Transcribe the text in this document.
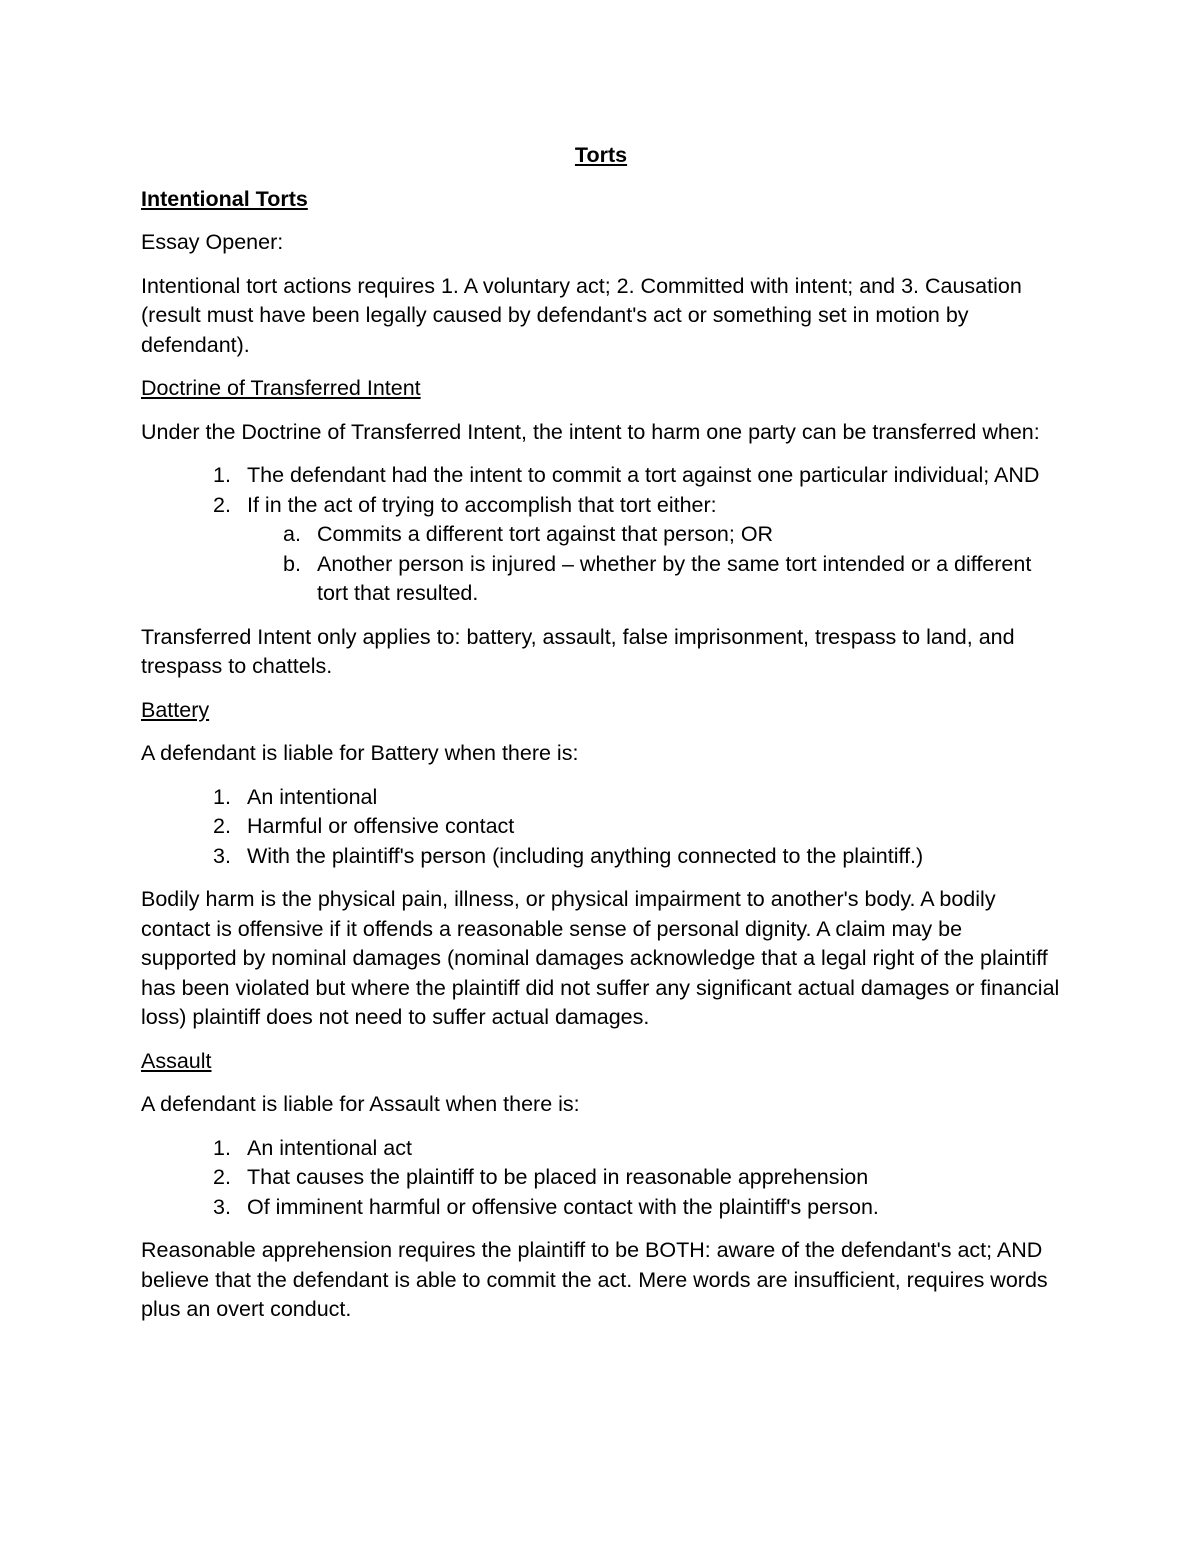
Torts
Intentional Torts

Essay Opener:

Intentional tort actions requires 1. A voluntary act; 2. Committed with intent; and 3. Causation (result must have been legally caused by defendant's act or something set in motion by defendant).

Doctrine of Transferred Intent

Under the Doctrine of Transferred Intent, the intent to harm one party can be transferred when:

1. The defendant had the intent to commit a tort against one particular individual; AND
2. If in the act of trying to accomplish that tort either:
a. Commits a different tort against that person; OR
b. Another person is injured – whether by the same tort intended or a different tort that resulted.

Transferred Intent only applies to: battery, assault, false imprisonment, trespass to land, and trespass to chattels.

Battery

A defendant is liable for Battery when there is:

1. An intentional
2. Harmful or offensive contact
3. With the plaintiff's person (including anything connected to the plaintiff.)

Bodily harm is the physical pain, illness, or physical impairment to another's body. A bodily contact is offensive if it offends a reasonable sense of personal dignity. A claim may be supported by nominal damages (nominal damages acknowledge that a legal right of the plaintiff has been violated but where the plaintiff did not suffer any significant actual damages or financial loss) plaintiff does not need to suffer actual damages.

Assault

A defendant is liable for Assault when there is:

1. An intentional act
2. That causes the plaintiff to be placed in reasonable apprehension
3. Of imminent harmful or offensive contact with the plaintiff's person.

Reasonable apprehension requires the plaintiff to be BOTH: aware of the defendant's act; AND believe that the defendant is able to commit the act. Mere words are insufficient, requires words plus an overt conduct.
